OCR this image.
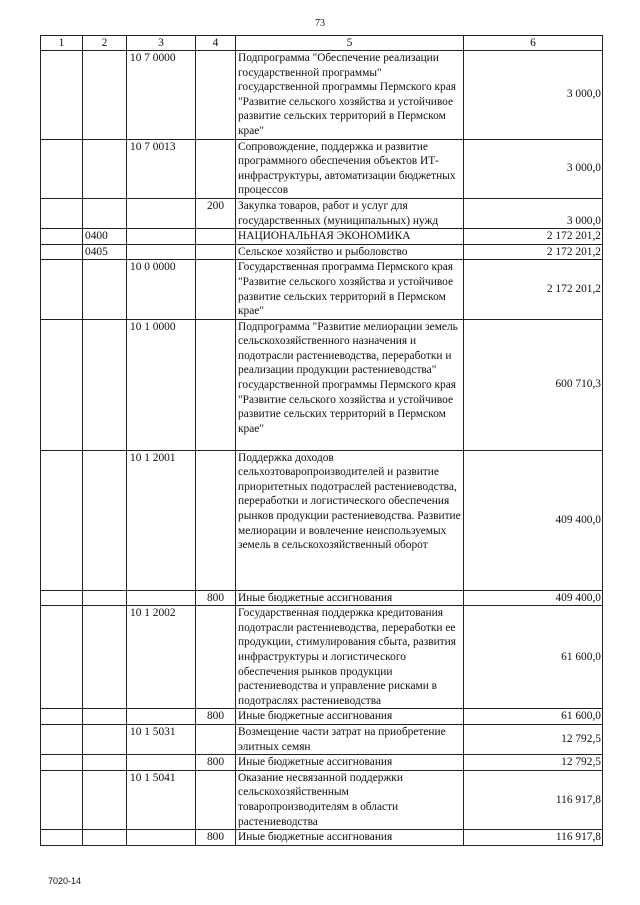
73
1	2	3	4	5	6
		10 7 0000		Подпрограмма "Обеспечение реализации государственной программы" государственной программы Пермского края "Развитие сельского хозяйства и устойчивое развитие сельских территорий в Пермском крае"	3 000,0
		10 7 0013		Сопровождение, поддержка и развитие программного обеспечения объектов ИТ-инфраструктуры, автоматизации бюджетных процессов	3 000,0
			200	Закупка товаров, работ и услуг для государственных (муниципальных) нужд	3 000,0
	0400			НАЦИОНАЛЬНАЯ ЭКОНОМИКА	2 172 201,2
	0405			Сельское хозяйство и рыболовство	2 172 201,2
		10 0 0000		Государственная программа Пермского края "Развитие сельского хозяйства и устойчивое развитие сельских территорий в Пермском крае"	2 172 201,2
		10 1 0000		Подпрограмма "Развитие мелиорации земель сельскохозяйственного назначения и подотрасли растениеводства, переработки и реализации продукции растениеводства" государственной программы Пермского края "Развитие сельского хозяйства и устойчивое развитие сельских территорий в Пермском крае"	600 710,3
		10 1 2001		Поддержка доходов сельхозтоваропроизводителей и развитие приоритетных подотраслей растениеводства, переработки и логистического обеспечения рынков продукции растениеводства. Развитие мелиорации и вовлечение неиспользуемых земель в сельскохозяйственный оборот	409 400,0
			800	Иные бюджетные ассигнования	409 400,0
		10 1 2002		Государственная поддержка кредитования подотрасли растениеводства, переработки ее продукции, стимулирования сбыта, развития инфраструктуры и логистического обеспечения рынков продукции растениеводства и управление рисками в подотраслях растениеводства	61 600,0
			800	Иные бюджетные ассигнования	61 600,0
		10 1 5031		Возмещение части затрат на приобретение элитных семян	12 792,5
			800	Иные бюджетные ассигнования	12 792,5
		10 1 5041		Оказание несвязанной поддержки сельскохозяйственным товаропроизводителям в области растениеводства	116 917,8
			800	Иные бюджетные ассигнования	116 917,8
7020-14
